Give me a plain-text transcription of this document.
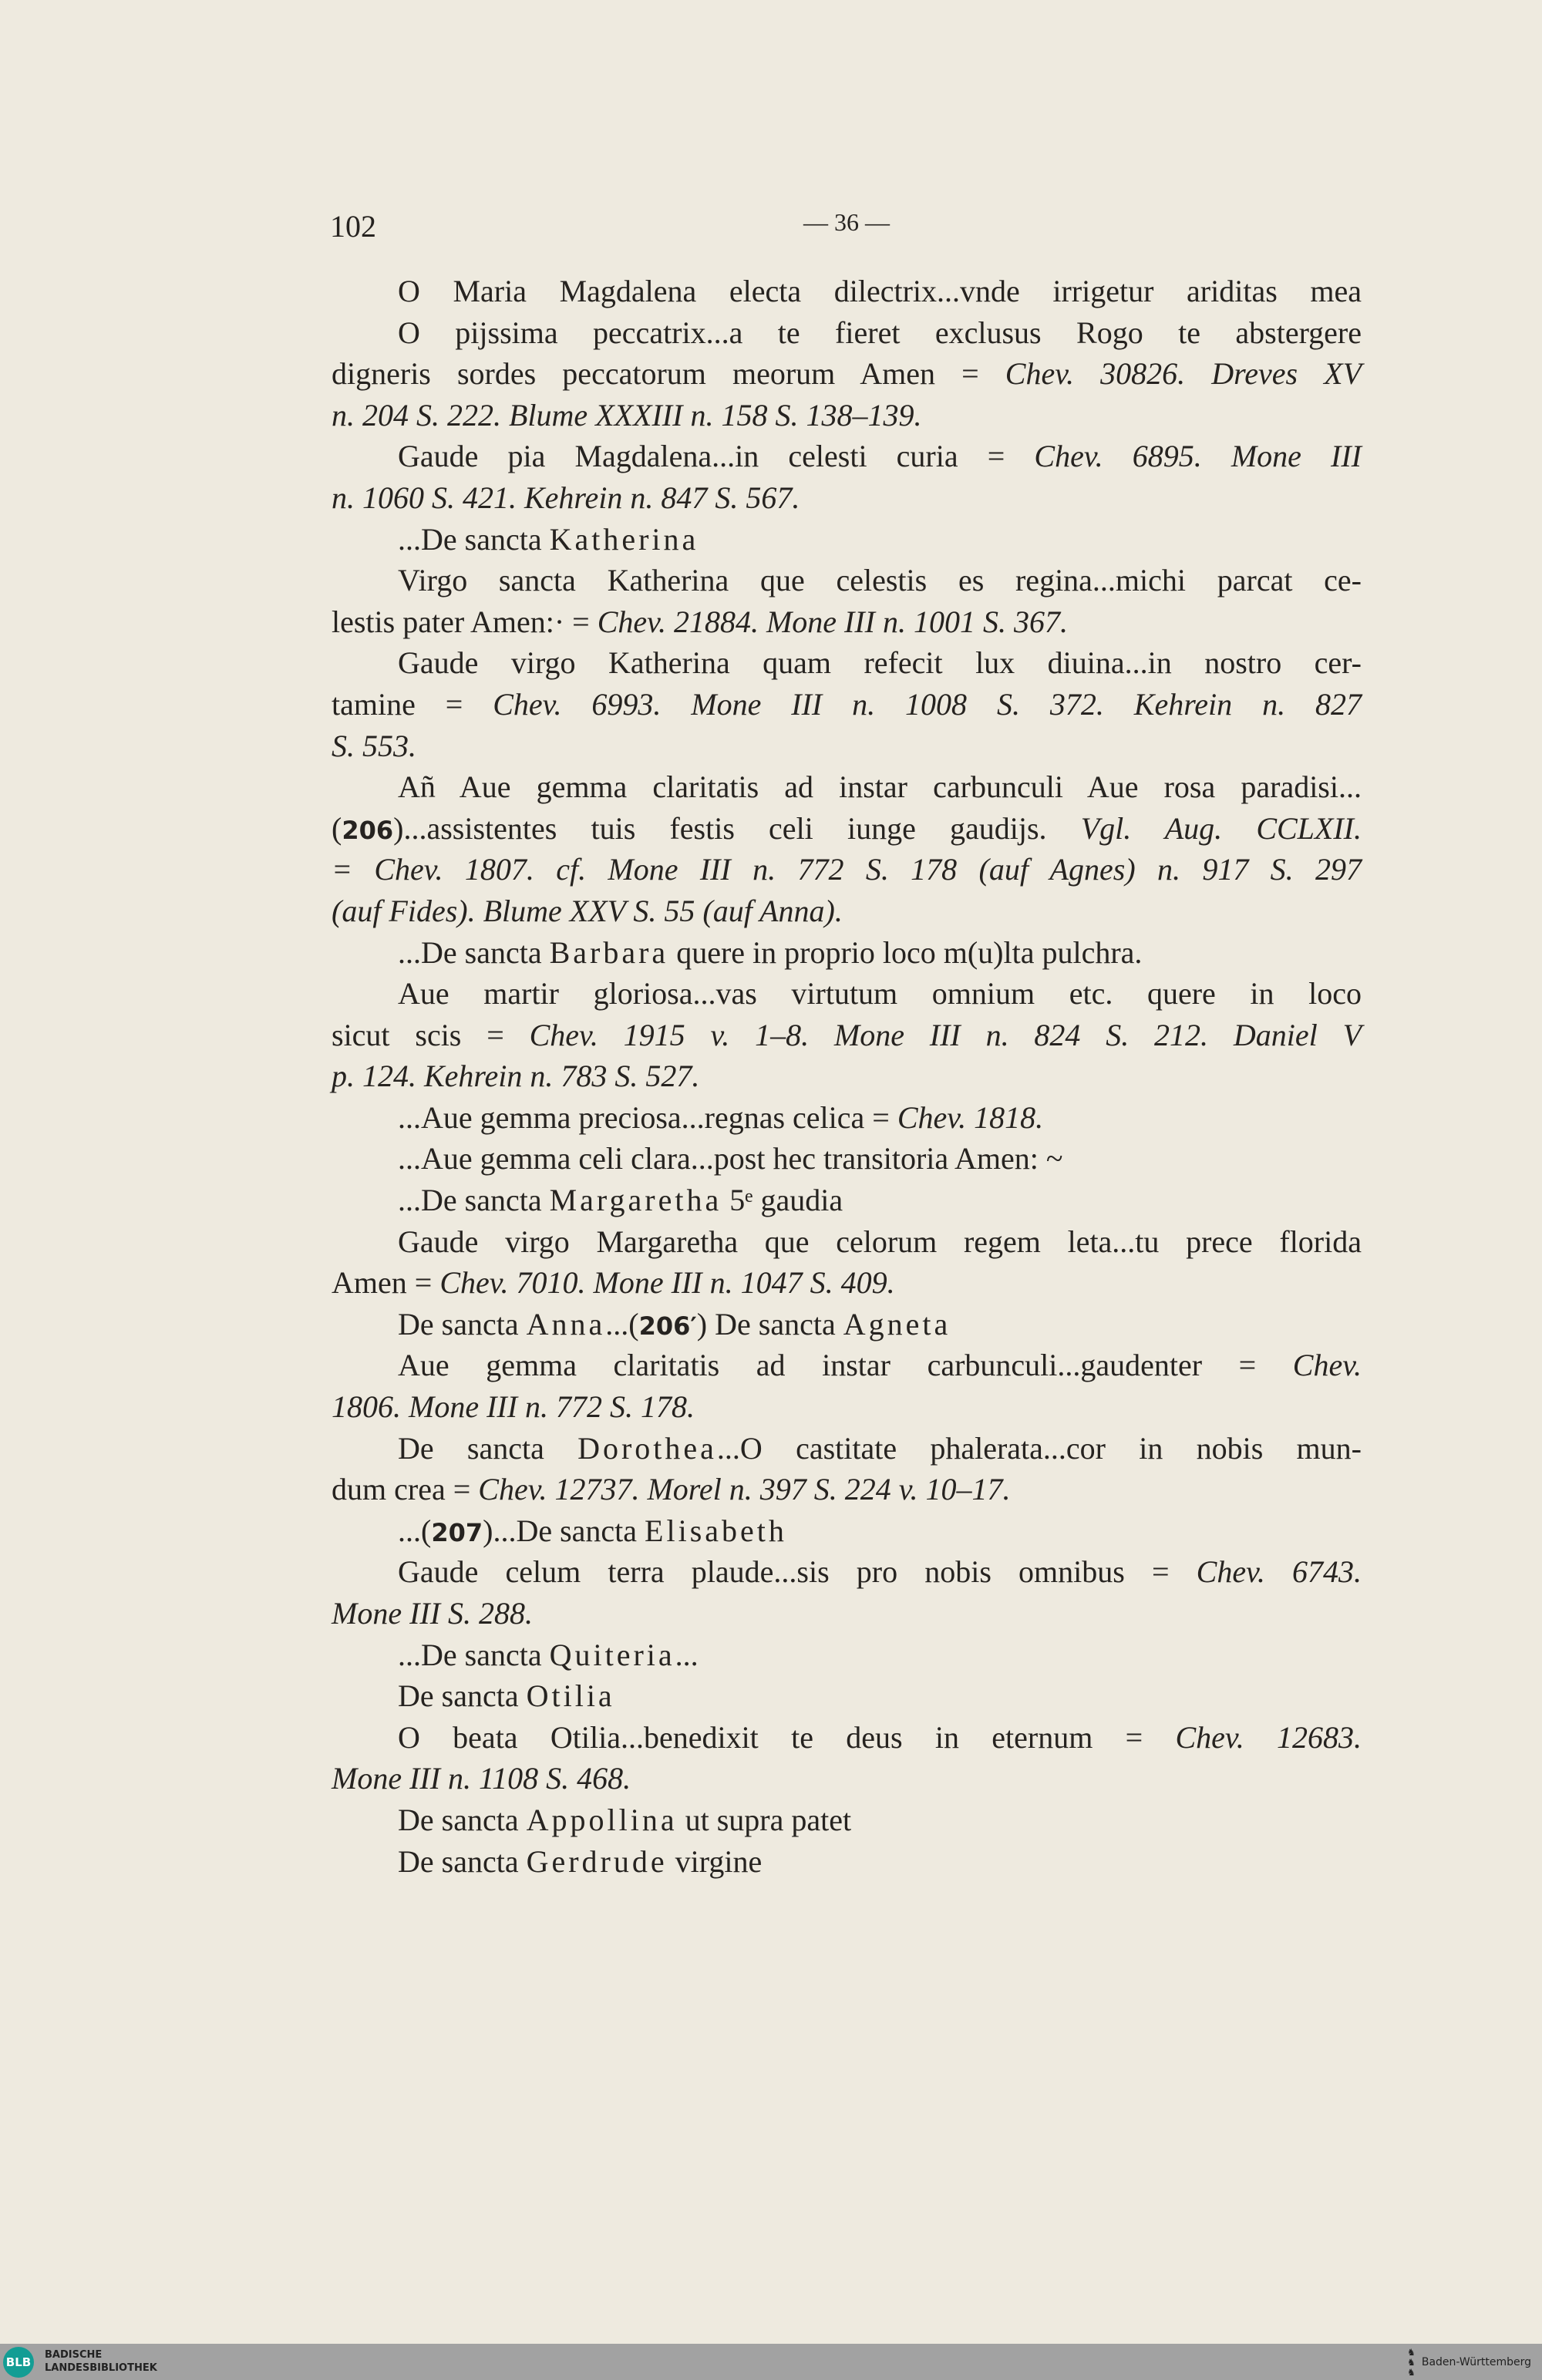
102	— 36 —
O Maria Magdalena electa dilectrix...vnde irrigetur ariditas mea
O pijssima peccatrix...a te fieret exclusus Rogo te abstergere
digneris sordes peccatorum meorum Amen = Chev. 30826. Dreves XV
n. 204 S. 222. Blume XXXIII n. 158 S. 138–139.
Gaude pia Magdalena...in celesti curia = Chev. 6895. Mone III
n. 1060 S. 421. Kehrein n. 847 S. 567.
...De sancta Katherina
Virgo sancta Katherina que celestis es regina...michi parcat ce-
lestis pater Amen:· = Chev. 21884. Mone III n. 1001 S. 367.
Gaude virgo Katherina quam refecit lux diuina...in nostro cer-
tamine = Chev. 6993. Mone III n. 1008 S. 372. Kehrein n. 827
S. 553.
Añ Aue gemma claritatis ad instar carbunculi Aue rosa paradisi...
(206)...assistentes tuis festis celi iunge gaudijs. Vgl. Aug. CCLXII.
= Chev. 1807. cf. Mone III n. 772 S. 178 (auf Agnes) n. 917 S. 297
(auf Fides). Blume XXV S. 55 (auf Anna).
...De sancta Barbara quere in proprio loco m(u)lta pulchra.
Aue martir gloriosa...vas virtutum omnium etc. quere in loco
sicut scis = Chev. 1915 v. 1–8. Mone III n. 824 S. 212. Daniel V
p. 124. Kehrein n. 783 S. 527.
...Aue gemma preciosa...regnas celica = Chev. 1818.
...Aue gemma celi clara...post hec transitoria Amen: ~
...De sancta Margaretha 5ᵉ gaudia
Gaude virgo Margaretha que celorum regem leta...tu prece florida
Amen = Chev. 7010. Mone III n. 1047 S. 409.
De sancta Anna...(206′) De sancta Agneta
Aue gemma claritatis ad instar carbunculi...gaudenter = Chev.
1806. Mone III n. 772 S. 178.
De sancta Dorothea...O castitate phalerata...cor in nobis mun-
dum crea = Chev. 12737. Morel n. 397 S. 224 v. 10–17.
...(207)...De sancta Elisabeth
Gaude celum terra plaude...sis pro nobis omnibus = Chev. 6743.
Mone III S. 288.
...De sancta Quiteria...
De sancta Otilia
O beata Otilia...benedixit te deus in eternum = Chev. 12683.
Mone III n. 1108 S. 468.
De sancta Appollina ut supra patet
De sancta Gerdrude virgine
BLB
BADISCHE
LANDESBIBLIOTHEK
♞
♞
♞
Baden-Württemberg
